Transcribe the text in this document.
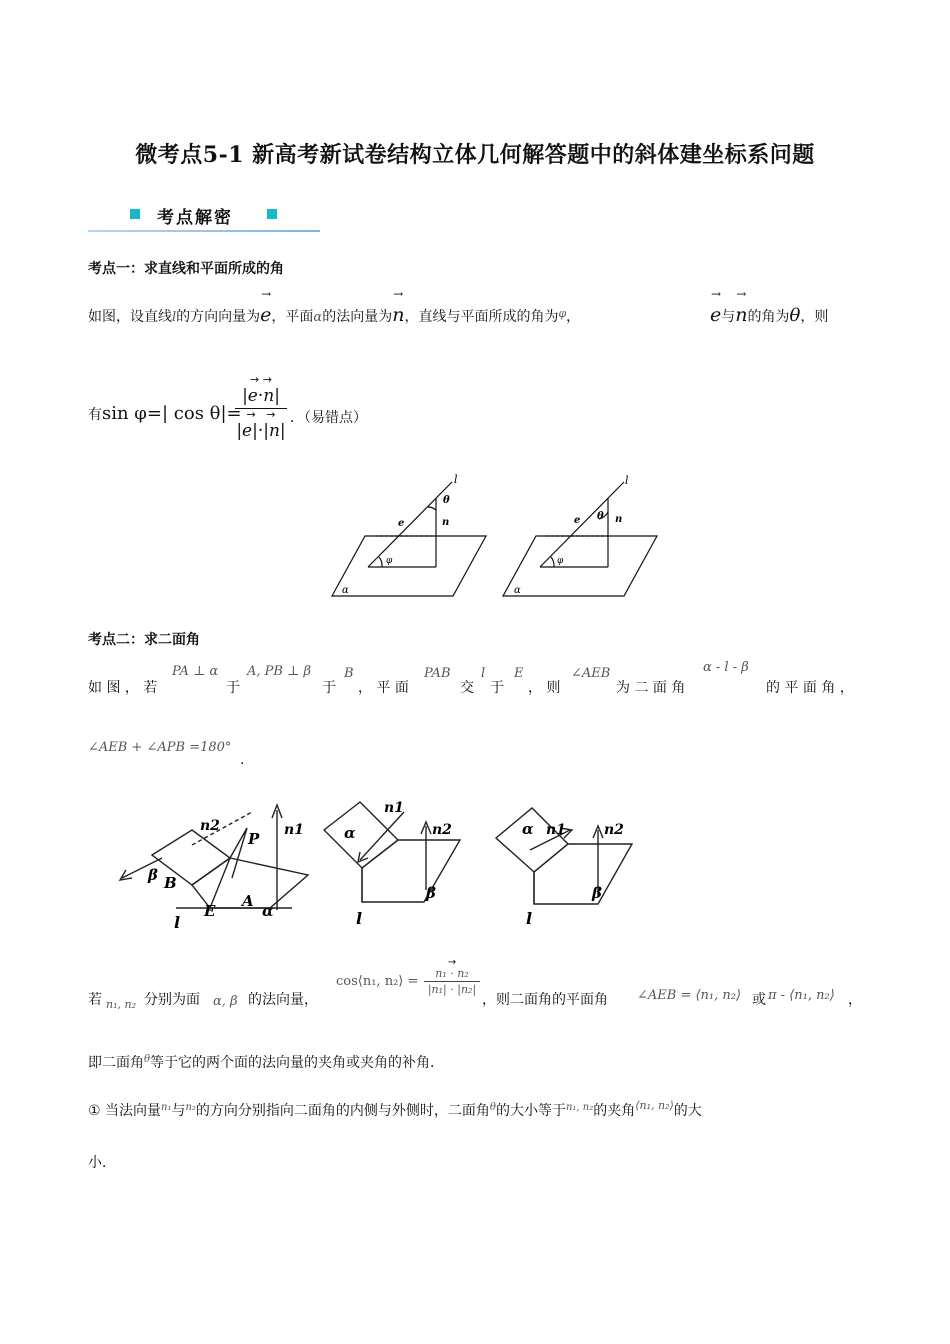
微考点5-1 新高考新试卷结构立体几何解答题中的斜体建坐标系问题
考点解密
考点一：求直线和平面所成的角
如图，设直线l的方向向量为e
→
，平面α的法向量为n
→
，直线与平面所成的角为$^\varphi$，	e
→
与n
→
的角为θ，则
有sin φ=| cos θ|=
→ →
|e·n|
→   →
|e|·|n|
．（易错点）
l
θ
e	n
φ
α
l
θ
e	n
φ
α
考点二：求二面角
如 图 ， 若
PA ⊥ α
于
A, PB ⊥ β
于
B
， 平 面
PAB
交
l
于
E
， 则
∠AEB
为 二 面 角
α - l - β
的 平 面 角 ，
∠AEB + ∠APB =180°
.
n2	n1
P
β B
A
E	α
l
n1
n2
α
β
l
α n1	n2
β
l
若 n₁, n₂ 分别为面 α, β 的法向量，
cos⟨n₁, n₂⟩ =
→
n₁ · n₂
|n₁| · |n₂|
，则二面角的平面角 ∠AEB = ⟨n₁, n₂⟩ 或 π - ⟨n₁, n₂⟩ ，
即二面角$^\theta$等于它的两个面的法向量的夹角或夹角的补角．
① 当法向量$^{n_1}$与$^{n_2}$的方向分别指向二面角的内侧与外侧时，二面角$^\theta$的大小等于$^{n_1, n_2}$的夹角$^{⟨n_1, n_2⟩}$的大
小．
